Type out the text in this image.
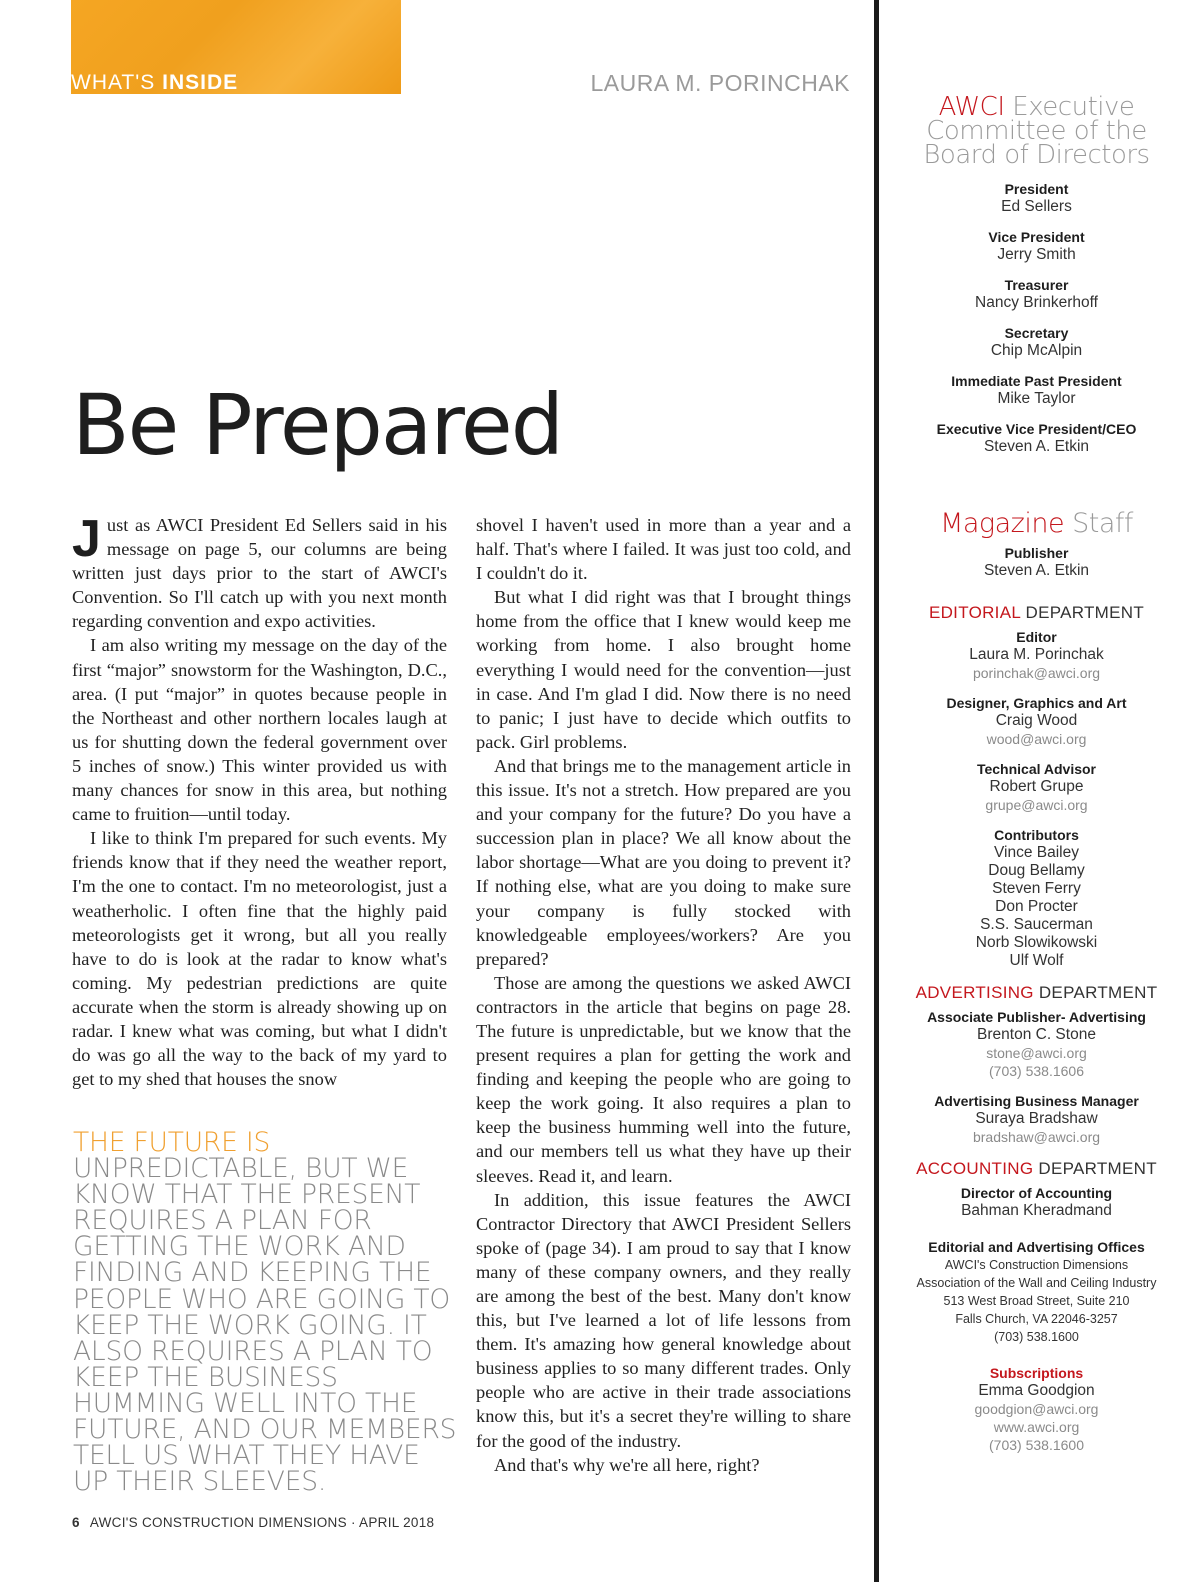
WHAT'S INSIDE	LAURA M. PORINCHAK
Be Prepared

Just as AWCI President Ed Sellers said in his message on page 5, our columns are being written just days prior to the start of AWCI's Convention. So I'll catch up with you next month regarding convention and expo activities.

I am also writing my message on the day of the first “major” snowstorm for the Washington, D.C., area. (I put “major” in quotes because people in the Northeast and other northern locales laugh at us for shutting down the federal government over 5 inches of snow.) This winter provided us with many chances for snow in this area, but nothing came to fruition—until today.

I like to think I'm prepared for such events. My friends know that if they need the weather report, I'm the one to contact. I'm no meteorologist, just a weatherholic. I often fine that the highly paid meteorologists get it wrong, but all you really have to do is look at the radar to know what's coming. My pedestrian predictions are quite accurate when the storm is already showing up on radar. I knew what was coming, but what I didn't do was go all the way to the back of my yard to get to my shed that houses the snow

shovel I haven't used in more than a year and a half. That's where I failed. It was just too cold, and I couldn't do it.

But what I did right was that I brought things home from the office that I knew would keep me working from home. I also brought home everything I would need for the convention—just in case. And I'm glad I did. Now there is no need to panic; I just have to decide which outfits to pack. Girl problems.

And that brings me to the management article in this issue. It's not a stretch. How prepared are you and your company for the future? Do you have a succession plan in place? We all know about the labor shortage—What are you doing to prevent it? If nothing else, what are you doing to make sure your company is fully stocked with knowledgeable employees/workers? Are you prepared?

Those are among the questions we asked AWCI contractors in the article that begins on page 28. The future is unpredictable, but we know that the present requires a plan for getting the work and finding and keeping the people who are going to keep the work going. It also requires a plan to keep the business humming well into the future, and our members tell us what they have up their sleeves. Read it, and learn.

In addition, this issue features the AWCI Contractor Directory that AWCI President Sellers spoke of (page 34). I am proud to say that I know many of these company owners, and they really are among the best of the best. Many don't know this, but I've learned a lot of life lessons from them. It's amazing how general knowledge about business applies to so many different trades. Only people who are active in their trade associations know this, but it's a secret they're willing to share for the good of the industry.

And that's why we're all here, right?

THE FUTURE IS
UNPREDICTABLE, BUT WE KNOW THAT THE PRESENT REQUIRES A PLAN FOR GETTING THE WORK AND FINDING AND KEEPING THE PEOPLE WHO ARE GOING TO KEEP THE WORK GOING. IT ALSO REQUIRES A PLAN TO KEEP THE BUSINESS HUMMING WELL INTO THE FUTURE, AND OUR MEMBERS TELL US WHAT THEY HAVE UP THEIR SLEEVES.
6 AWCI'S CONSTRUCTION DIMENSIONS · APRIL 2018
AWCI Executive
Committee of the
Board of Directors
President
Ed Sellers
Vice President
Jerry Smith
Treasurer
Nancy Brinkerhoff
Secretary
Chip McAlpin
Immediate Past President
Mike Taylor
Executive Vice President/CEO
Steven A. Etkin
Magazine Staff
Publisher
Steven A. Etkin
EDITORIAL DEPARTMENT
Editor
Laura M. Porinchak
porinchak@awci.org
Designer, Graphics and Art
Craig Wood
wood@awci.org
Technical Advisor
Robert Grupe
grupe@awci.org
Contributors
Vince Bailey
Doug Bellamy
Steven Ferry
Don Procter
S.S. Saucerman
Norb Slowikowski
Ulf Wolf
ADVERTISING DEPARTMENT
Associate Publisher- Advertising
Brenton C. Stone
stone@awci.org
(703) 538.1606
Advertising Business Manager
Suraya Bradshaw
bradshaw@awci.org
ACCOUNTING DEPARTMENT
Director of Accounting
Bahman Kheradmand
Editorial and Advertising Offices
AWCI's Construction Dimensions
Association of the Wall and Ceiling Industry
513 West Broad Street, Suite 210
Falls Church, VA 22046-3257
(703) 538.1600
Subscriptions
Emma Goodgion
goodgion@awci.org
www.awci.org
(703) 538.1600
